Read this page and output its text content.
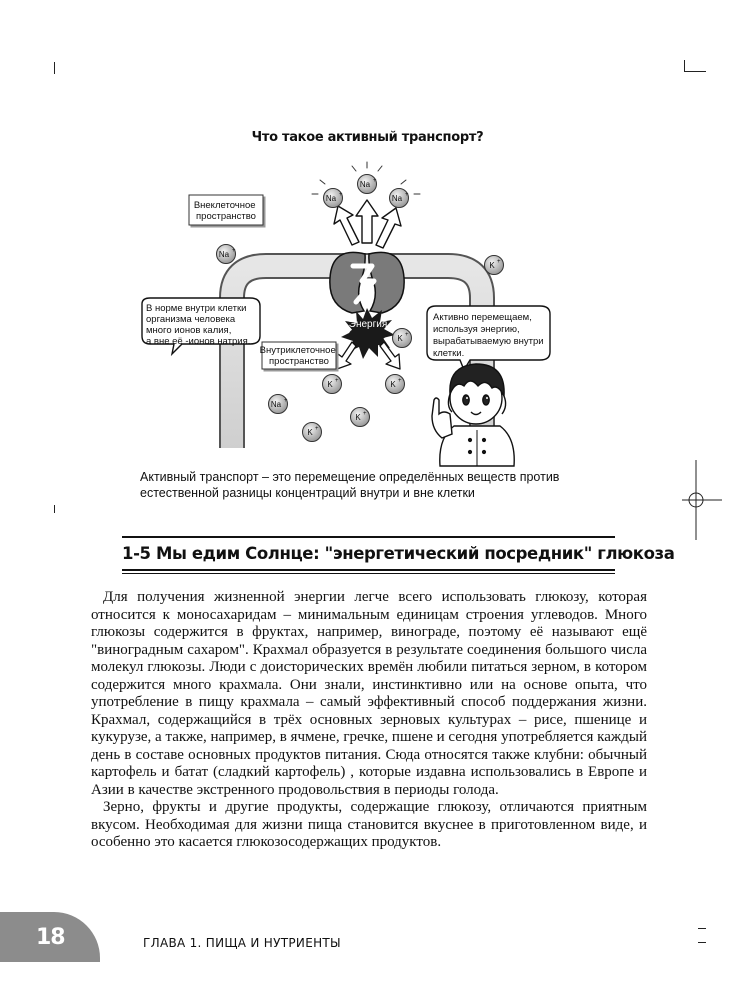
Что такое активный транспорт?
Энергия
Внеклеточное пространство
Внутриклеточное пространство
В норме внутри клетки организма человека много ионов калия, а вне её -ионов натрия.
Активно перемещаем, используя энергию, вырабатываемую внутри клетки.
Na +
Na +
Na +
Na +
Na +
K +
K +
K +	K +
K +
K +
Активный транспорт – это перемещение определённых веществ против
естественной разницы концентраций внутри и вне клетки
1-5 Мы едим Солнце: "энергетический посредник" глюкоза
Для получения жизненной энергии легче всего использовать глюкозу, которая
относится к моносахаридам – минимальным единицам строения углеводов. Много
глюкозы содержится в фруктах, например, винограде, поэтому её называют ещё
"виноградным сахаром". Крахмал образуется в результате соединения большого числа
молекул глюкозы. Люди с доисторических времён любили питаться зерном, в котором
содержится много крахмала. Они знали, инстинктивно или на основе опыта, что
употребление в пищу крахмала – самый эффективный способ поддержания жизни.
Крахмал, содержащийся в трёх основных зерновых культурах – рисе, пшенице и
кукурузе, а также, например, в ячмене, гречке, пшене и сегодня употребляется каждый
день в составе основных продуктов питания. Сюда относятся также клубни: обычный
картофель и батат (сладкий картофель) , которые издавна использовались в Европе и
Азии в качестве экстренного продовольствия в периоды голода.
Зерно, фрукты и другие продукты, содержащие глюкозу, отличаются приятным
вкусом. Необходимая для жизни пища становится вкуснее в приготовленном виде, и
особенно это касается глюкозосодержащих продуктов.
18	ГЛАВА 1. ПИЩА И НУТРИЕНТЫ
